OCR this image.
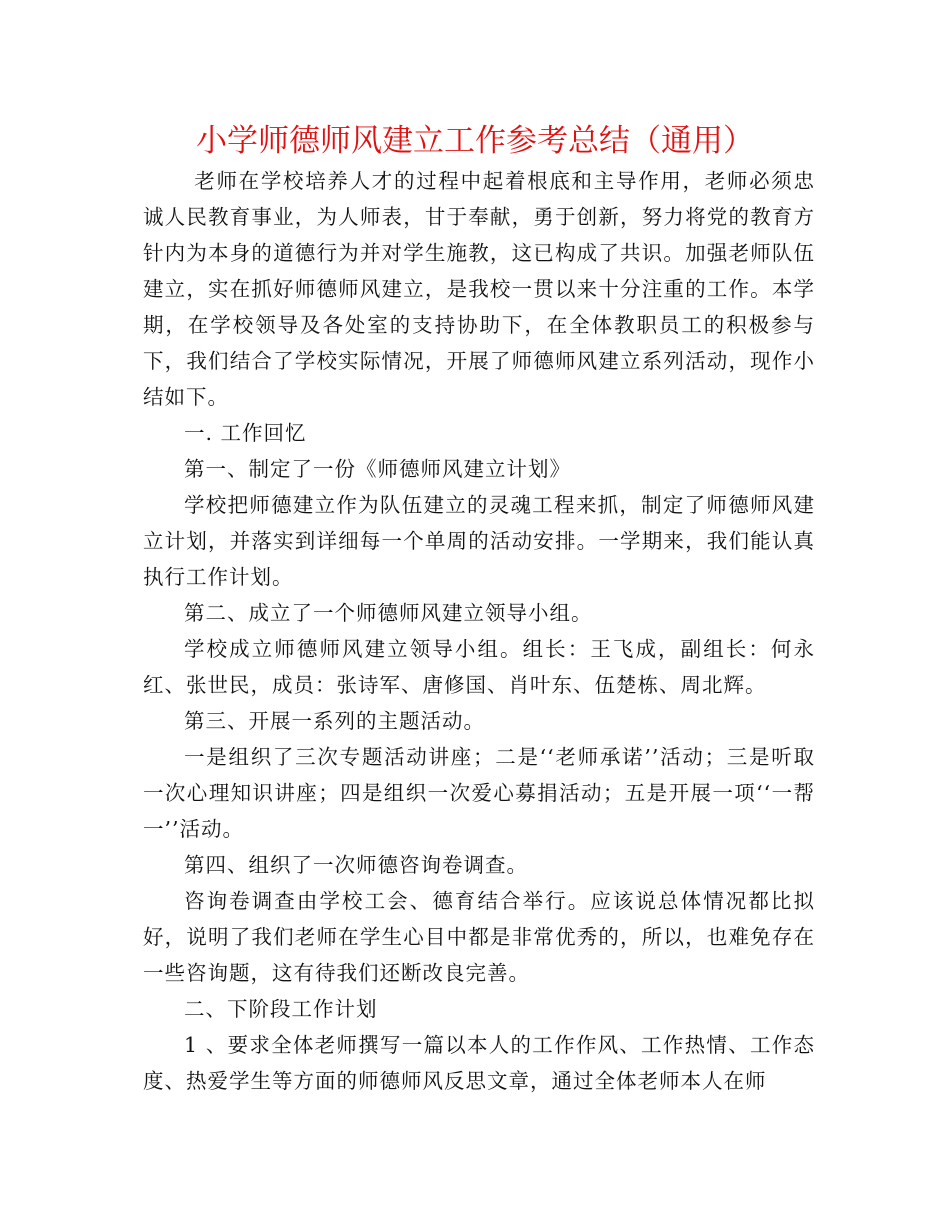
小学师德师风建立工作参考总结（通用）

老师在学校培养人才的过程中起着根底和主导作用，老师必须忠诚人民教育事业，为人师表，甘于奉献，勇于创新，努力将党的教育方针内为本身的道德行为并对学生施教，这已构成了共识。加强老师队伍建立，实在抓好师德师风建立，是我校一贯以来十分注重的工作。本学期，在学校领导及各处室的支持协助下，在全体教职员工的积极参与下，我们结合了学校实际情况，开展了师德师风建立系列活动，现作小结如下。

一. 工作回忆

第一、制定了一份《师德师风建立计划》

学校把师德建立作为队伍建立的灵魂工程来抓，制定了师德师风建立计划，并落实到详细每一个单周的活动安排。一学期来，我们能认真执行工作计划。

第二、成立了一个师德师风建立领导小组。

学校成立师德师风建立领导小组。组长：王飞成，副组长：何永红、张世民，成员：张诗军、唐修国、肖叶东、伍楚栋、周北辉。

第三、开展一系列的主题活动。

一是组织了三次专题活动讲座；二是‘‘老师承诺’’活动；三是听取一次心理知识讲座；四是组织一次爱心募捐活动；五是开展一项‘‘一帮一’’活动。

第四、组织了一次师德咨询卷调查。

咨询卷调查由学校工会、德育结合举行。应该说总体情况都比拟好，说明了我们老师在学生心目中都是非常优秀的，所以，也难免存在一些咨询题，这有待我们还断改良完善。

二、下阶段工作计划

1 、要求全体老师撰写一篇以本人的工作作风、工作热情、工作态度、热爱学生等方面的师德师风反思文章，通过全体老师本人在师
